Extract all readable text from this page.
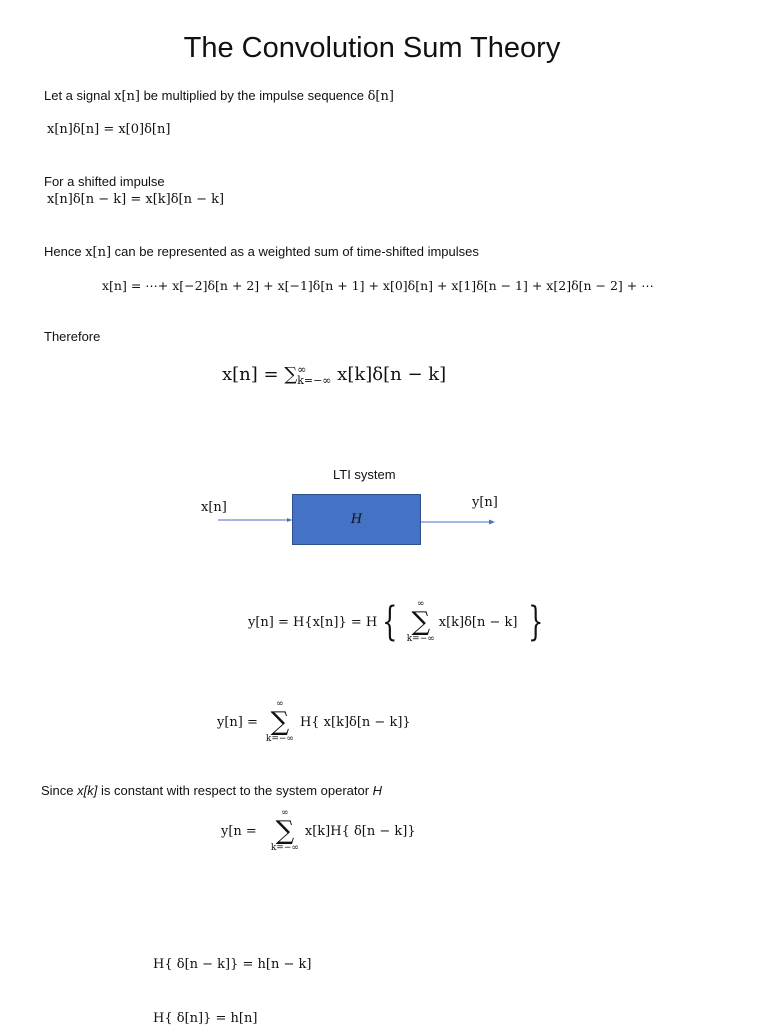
The Convolution Sum Theory
Let a signal x[n] be multiplied by the impulse sequence δ[n]
x[n]δ[n] = x[0]δ[n]
For a shifted impulse
x[n]δ[n − k] = x[k]δ[n − k]
Hence x[n] can be represented as a weighted sum of time-shifted impulses
x[n] = ⋯+ x[−2]δ[n + 2] + x[−1]δ[n + 1] + x[0]δ[n] + x[1]δ[n − 1] + x[2]δ[n − 2] + ⋯
Therefore
x[n] = ∑ ∞
k=−∞ x[k]δ[n − k]
LTI system
x[n]	y[n]
H
y[n] = H{x[n]} = H { ∞
∑
k=−∞
x[k]δ[n − k] }
y[n] =
∞
∑
k=−∞
H{ x[k]δ[n − k]}
Since x[k] is constant with respect to the system operator H
y[n =
∞
∑
k=−∞
x[k]H{ δ[n − k]}
H{ δ[n − k]} = h[n − k]
H{ δ[n]} = h[n]
